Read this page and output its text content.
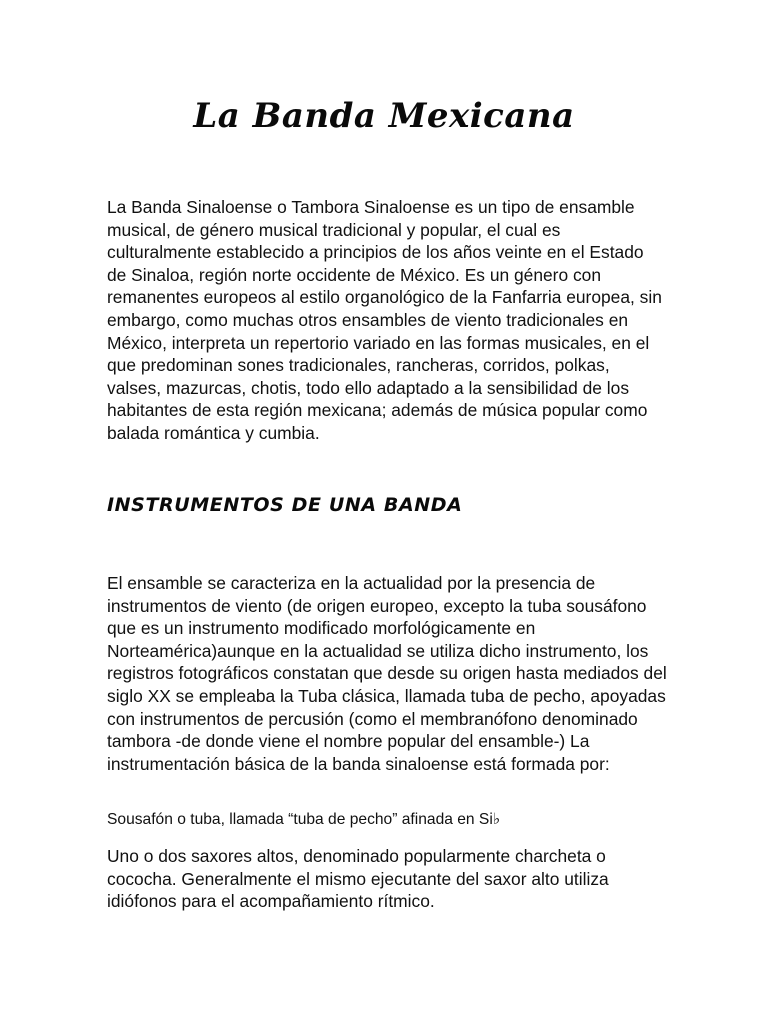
La Banda Mexicana

La Banda Sinaloense o Tambora Sinaloense es un tipo de ensamble musical, de género musical tradicional y popular, el cual es culturalmente establecido a principios de los años veinte en el Estado de Sinaloa, región norte occidente de México. Es un género con remanentes europeos al estilo organológico de la Fanfarria europea, sin embargo, como muchas otros ensambles de viento tradicionales en México, interpreta un repertorio variado en las formas musicales, en el que predominan sones tradicionales, rancheras, corridos, polkas, valses, mazurcas, chotis, todo ello adaptado a la sensibilidad de los habitantes de esta región mexicana; además de música popular como balada romántica y cumbia.

INSTRUMENTOS DE UNA BANDA

El ensamble se caracteriza en la actualidad por la presencia de instrumentos de viento (de origen europeo, excepto la tuba sousáfono que es un instrumento modificado morfológicamente en Norteamérica)aunque en la actualidad se utiliza dicho instrumento, los registros fotográficos constatan que desde su origen hasta mediados del siglo XX se empleaba la Tuba clásica, llamada tuba de pecho, apoyadas con instrumentos de percusión (como el membranófono denominado tambora -de donde viene el nombre popular del ensamble-) La instrumentación básica de la banda sinaloense está formada por:

Sousafón o tuba, llamada “tuba de pecho” afinada en Si♭

Uno o dos saxores altos, denominado popularmente charcheta o cococha. Generalmente el mismo ejecutante del saxor alto utiliza idiófonos para el acompañamiento rítmico.
